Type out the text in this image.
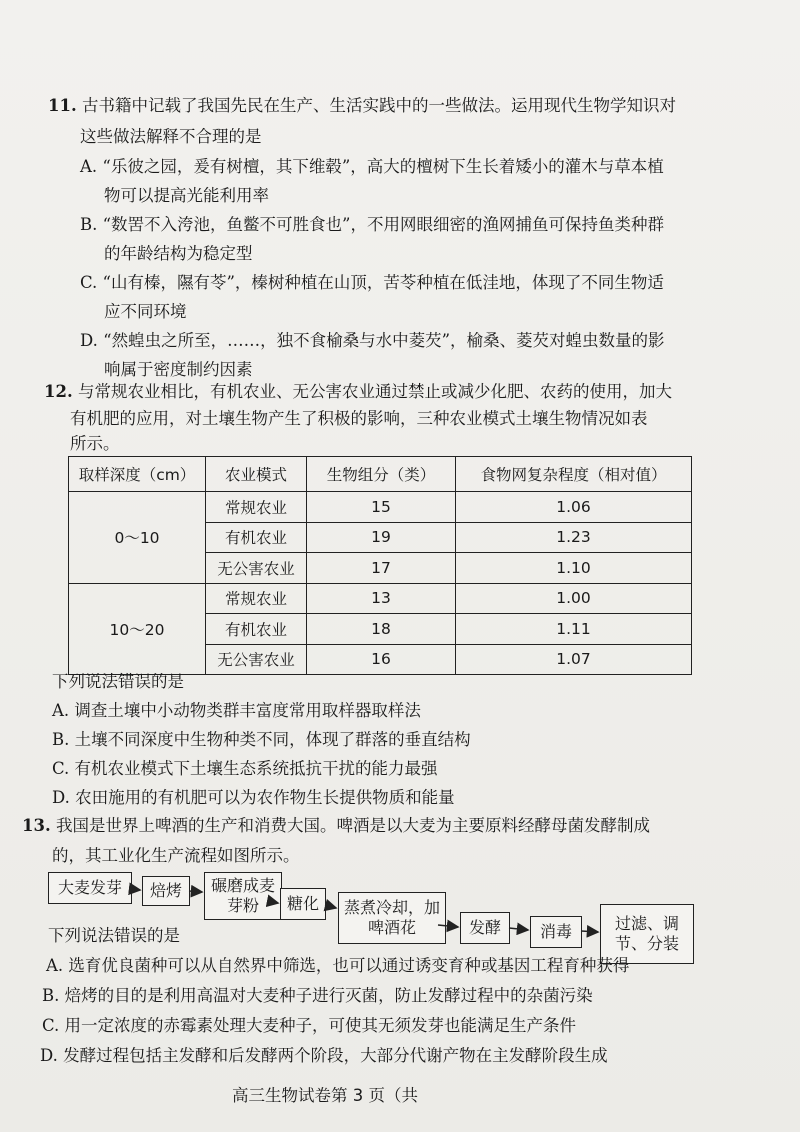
11. 古书籍中记载了我国先民在生产、生活实践中的一些做法。运用现代生物学知识对
这些做法解释不合理的是
A. “乐彼之园，爰有树檀，其下维毂”，高大的檀树下生长着矮小的灌木与草本植
物可以提高光能利用率
B. “数罟不入洿池，鱼鳖不可胜食也”，不用网眼细密的渔网捕鱼可保持鱼类种群
的年龄结构为稳定型
C. “山有榛，隰有苓”，榛树种植在山顶，苦苓种植在低洼地，体现了不同生物适
应不同环境
D. “然蝗虫之所至，……，独不食榆桑与水中菱芡”，榆桑、菱芡对蝗虫数量的影
响属于密度制约因素
12. 与常规农业相比，有机农业、无公害农业通过禁止或减少化肥、农药的使用，加大
有机肥的应用，对土壤生物产生了积极的影响，三种农业模式土壤生物情况如表
所示。
取样深度（cm）	农业模式	生物组分（类）	食物网复杂程度（相对值）
0～10	常规农业	15	1.06
	有机农业	19	1.23
	无公害农业	17	1.10
10～20	常规农业	13	1.00
	有机农业	18	1.11
	无公害农业	16	1.07
下列说法错误的是
A. 调查土壤中小动物类群丰富度常用取样器取样法
B. 土壤不同深度中生物种类不同，体现了群落的垂直结构
C. 有机农业模式下土壤生态系统抵抗干扰的能力最强
D. 农田施用的有机肥可以为农作物生长提供物质和能量
13. 我国是世界上啤酒的生产和消费大国。啤酒是以大麦为主要原料经酵母菌发酵制成
的，其工业化生产流程如图所示。
大麦发芽	焙烤	碾磨成麦芽粉	糖化	蒸煮冷却，加啤酒花	发酵	消毒	过滤、调节、分装
下列说法错误的是
A. 选育优良菌种可以从自然界中筛选，也可以通过诱变育种或基因工程育种获得
B. 焙烤的目的是利用高温对大麦种子进行灭菌，防止发酵过程中的杂菌污染
C. 用一定浓度的赤霉素处理大麦种子，可使其无须发芽也能满足生产条件
D. 发酵过程包括主发酵和后发酵两个阶段，大部分代谢产物在主发酵阶段生成
高三生物试卷第 3 页（共
